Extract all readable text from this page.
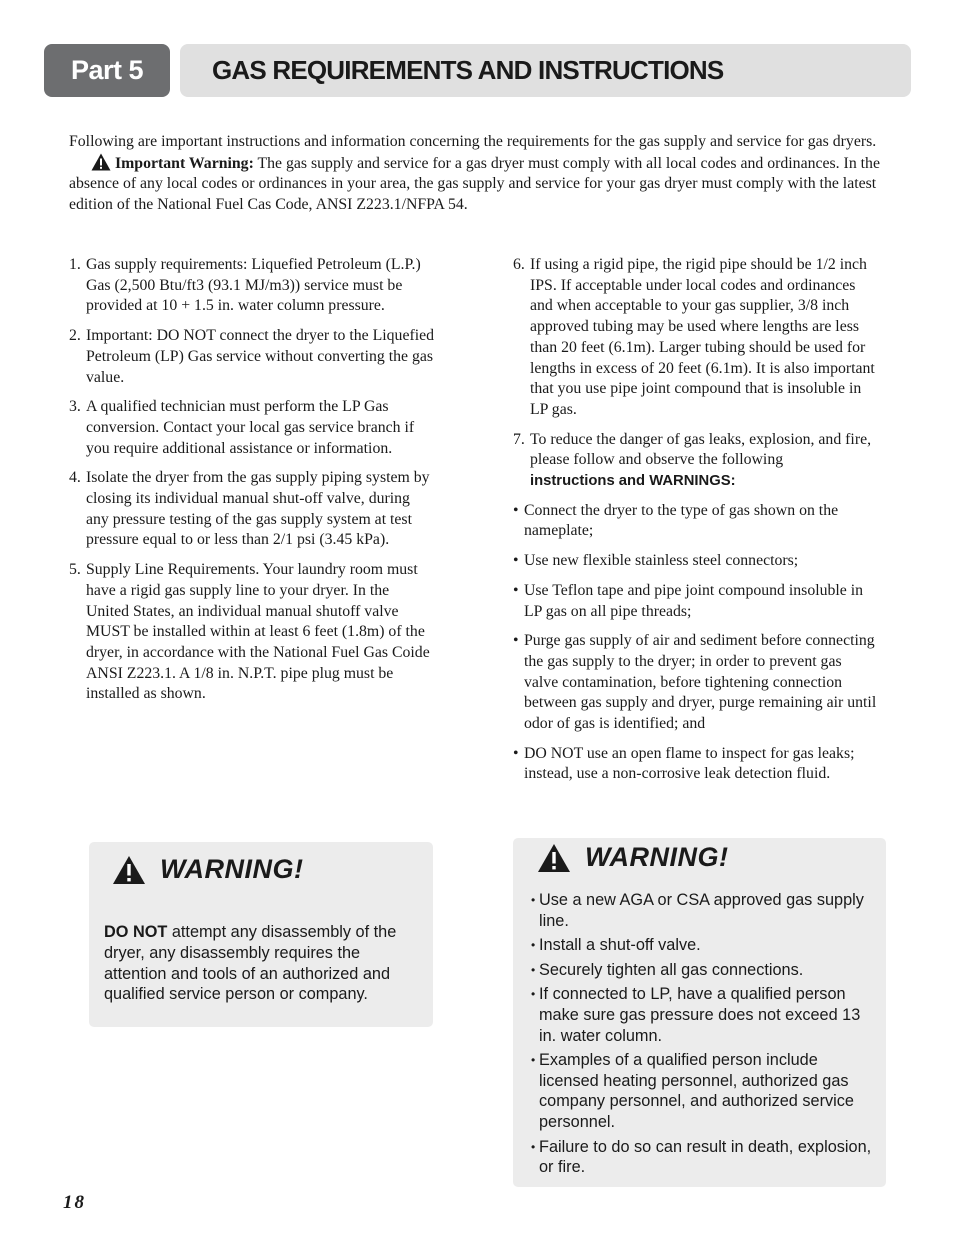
Part 5	GAS REQUIREMENTS AND INSTRUCTIONS
Following are important instructions and information concerning the requirements for the gas supply and service for gas dryers.Important Warning: The gas supply and service for a gas dryer must comply with all local codes and ordinances. In the absence of any local codes or ordinances in your area, the gas supply and service for your gas dryer must comply with the latest edition of the National Fuel Cas Code, ANSI Z223.1/NFPA 54.
1. Gas supply requirements: Liquefied Petroleum (L.P.) Gas (2,500 Btu/ft3 (93.1 MJ/m3)) service must be provided at 10 + 1.5 in. water column pressure.
2. Important: DO NOT connect the dryer to the Liquefied Petroleum (LP) Gas service without converting the gas value.
3. A qualified technician must perform the LP Gas conversion. Contact your local gas service branch if you require additional assistance or information.
4. Isolate the dryer from the gas supply piping system by closing its individual manual shut-off valve, during any pressure testing of the gas supply system at test pressure equal to or less than 2/1 psi (3.45 kPa).
5. Supply Line Requirements. Your laundry room must have a rigid gas supply line to your dryer. In the United States, an individual manual shutoff valve MUST be installed within at least 6 feet (1.8m) of the dryer, in accordance with the National Fuel Gas Coide ANSI Z223.1. A 1/8 in. N.P.T. pipe plug must be installed as shown.
6. If using a rigid pipe, the rigid pipe should be 1/2 inch IPS. If acceptable under local codes and ordinances and when acceptable to your gas supplier, 3/8 inch approved tubing may be used where lengths are less than 20 feet (6.1m). Larger tubing should be used for lengths in excess of 20 feet (6.1m). It is also important that you use pipe joint compound that is insoluble in LP gas.
7. To reduce the danger of gas leaks, explosion, and fire, please follow and observe the following
instructions and WARNINGS:
• Connect the dryer to the type of gas shown on the nameplate;
• Use new flexible stainless steel connectors;
• Use Teflon tape and pipe joint compound insoluble in LP gas on all pipe threads;
• Purge gas supply of air and sediment before connecting the gas supply to the dryer; in order to prevent gas valve contamination, before tightening connection between gas supply and dryer, purge remaining air until odor of gas is identified; and
• DO NOT use an open flame to inspect for gas leaks; instead, use a non-corrosive leak detection fluid.
WARNING!
DO NOT attempt any disassembly of the dryer, any disassembly requires the attention and tools of an authorized and qualified service person or company.
WARNING!
• Use a new AGA or CSA approved gas supply line.
• Install a shut-off valve.
• Securely tighten all gas connections.
• If connected to LP, have a qualified person make sure gas pressure does not exceed 13 in. water column.
• Examples of a qualified person include licensed heating personnel, authorized gas company personnel, and authorized service personnel.
• Failure to do so can result in death, explosion, or fire.
18
